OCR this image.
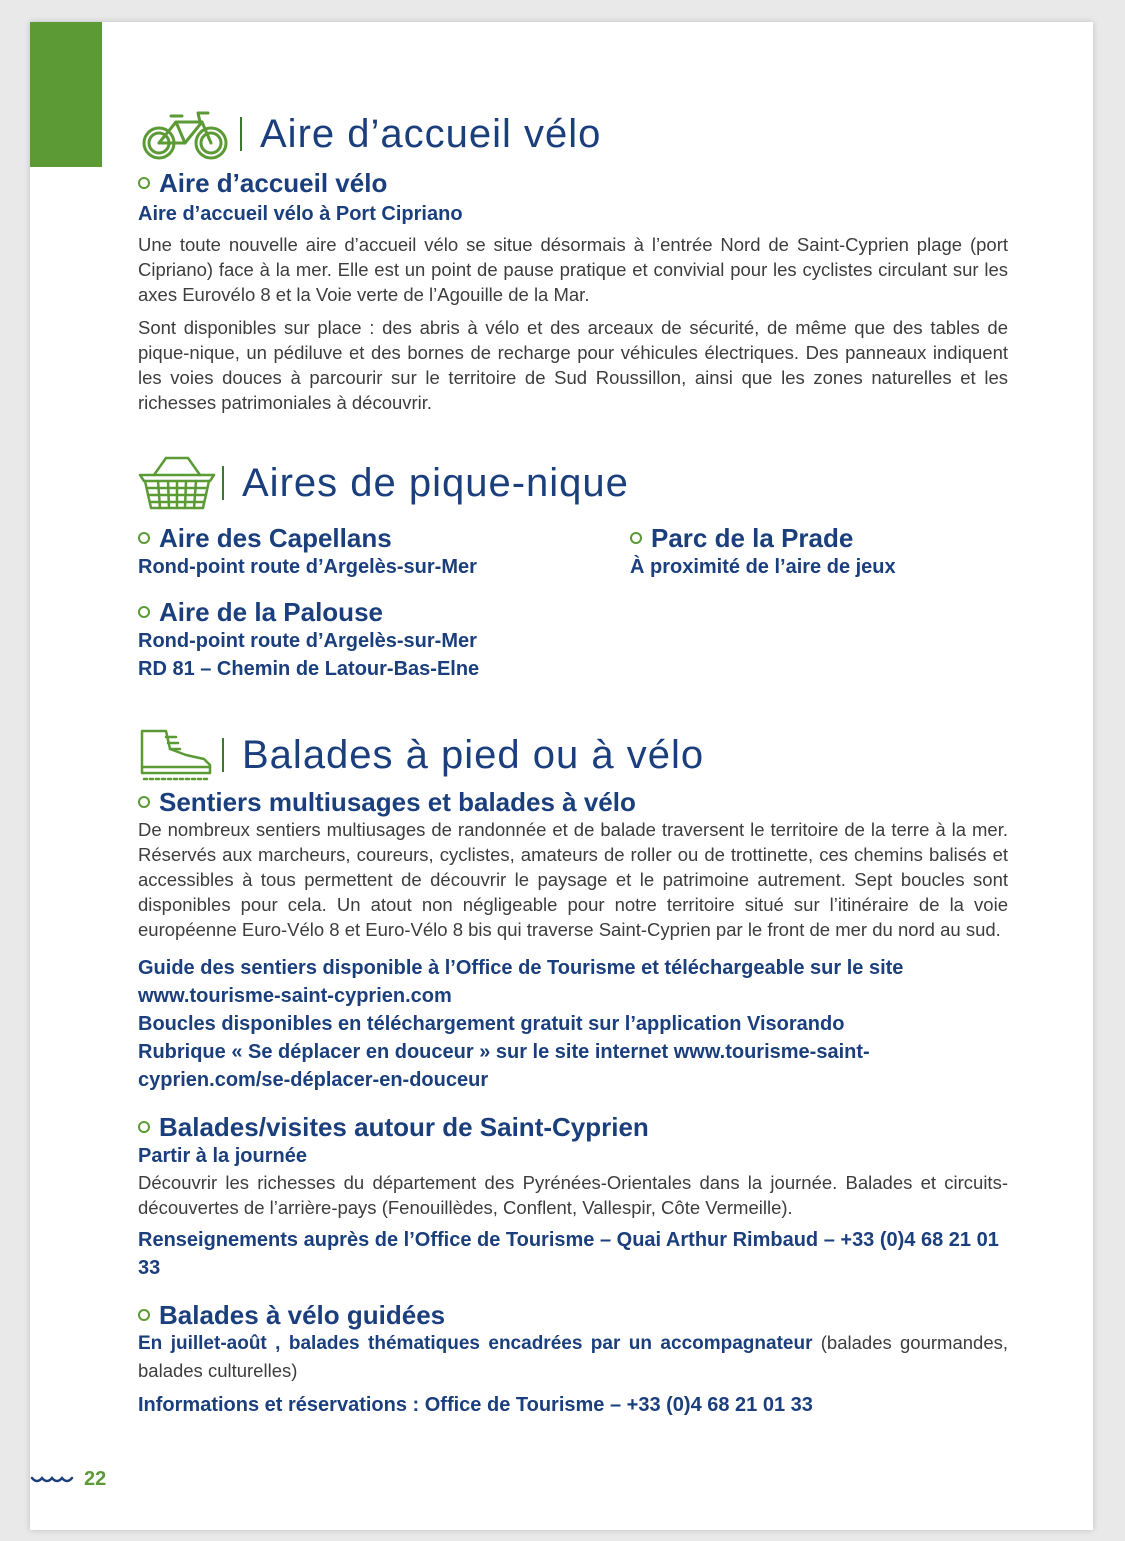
Aire d’accueil vélo
Aire d’accueil vélo
Aire d’accueil vélo à Port Cipriano
Une toute nouvelle aire d’accueil vélo se situe désormais à l’entrée Nord de Saint-Cyprien plage (port Cipriano) face à la mer. Elle est un point de pause pratique et convivial pour les cyclistes circulant sur les axes Eurovélo 8 et la Voie verte de l’Agouille de la Mar.
Sont disponibles sur place : des abris à vélo et des arceaux de sécurité, de même que des tables de pique-nique, un pédiluve et des bornes de recharge pour véhicules électriques. Des panneaux indiquent les voies douces à parcourir sur le territoire de Sud Roussillon, ainsi que les zones naturelles et les richesses patrimoniales à découvrir.
Aires de pique-nique
Aire des Capellans
Rond-point route d’Argelès-sur-Mer
Parc de la Prade
À proximité de l’aire de jeux
Aire de la Palouse
Rond-point route d’Argelès-sur-Mer
RD 81 – Chemin de Latour-Bas-Elne
Balades à pied ou à vélo
Sentiers multiusages et balades à vélo
De nombreux sentiers multiusages de randonnée et de balade traversent le territoire de la terre à la mer. Réservés aux marcheurs, coureurs, cyclistes, amateurs de roller ou de trottinette, ces chemins balisés et accessibles à tous permettent de découvrir le paysage et le patrimoine autrement. Sept boucles sont disponibles pour cela. Un atout non négligeable pour notre territoire situé sur l’itinéraire de la voie européenne Euro-Vélo 8 et Euro-Vélo 8 bis qui traverse Saint-Cyprien par le front de mer du nord au sud.
Guide des sentiers disponible à l’Office de Tourisme et téléchargeable sur le site www.tourisme-saint-cyprien.com
Boucles disponibles en téléchargement gratuit sur l’application Visorando
Rubrique « Se déplacer en douceur » sur le site internet www.tourisme-saint-cyprien.com/se-déplacer-en-douceur
Balades/visites autour de Saint-Cyprien
Partir à la journée
Découvrir les richesses du département des Pyrénées-Orientales dans la journée. Balades et circuits-découvertes de l’arrière-pays (Fenouillèdes, Conflent, Vallespir, Côte Vermeille).
Renseignements auprès de l’Office de Tourisme – Quai Arthur Rimbaud – +33 (0)4 68 21 01 33
Balades à vélo guidées
En juillet-août , balades thématiques encadrées par un accompagnateur (balades gourmandes, balades culturelles)
Informations et réservations : Office de Tourisme – +33 (0)4 68 21 01 33
22
